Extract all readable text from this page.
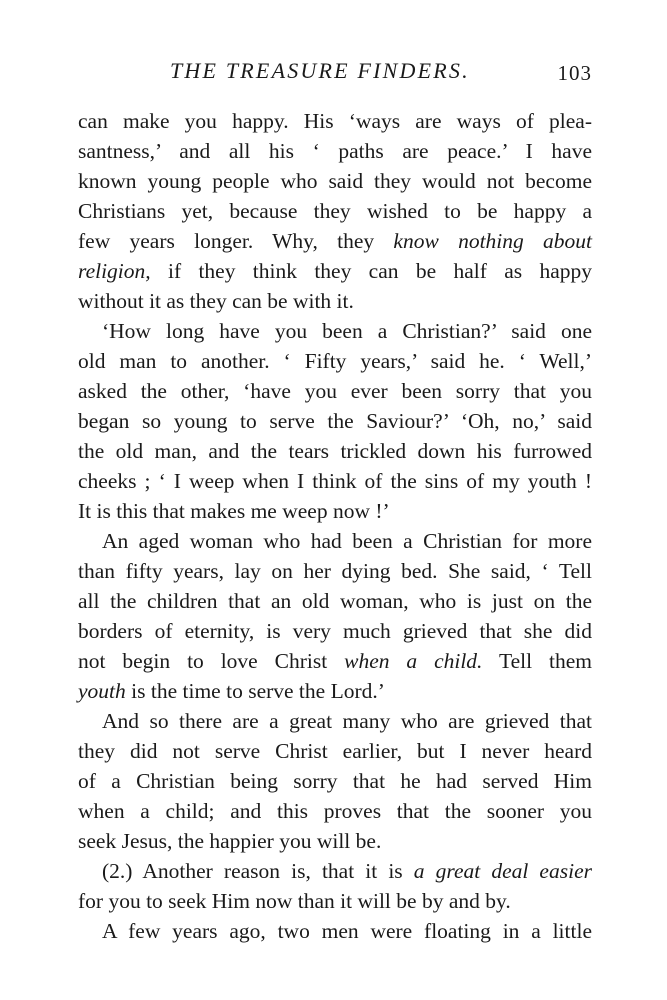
THE TREASURE FINDERS.	103
can make you happy. His ‘ways are ways of plea-
santness,’ and all his ‘ paths are peace.’ I have
known young people who said they would not become
Christians yet, because they wished to be happy a
few years longer. Why, they know nothing about
religion, if they think they can be half as happy
without it as they can be with it.
‘How long have you been a Christian?’ said one
old man to another. ‘ Fifty years,’ said he. ‘ Well,’
asked the other, ‘have you ever been sorry that you
began so young to serve the Saviour?’ ‘Oh, no,’ said
the old man, and the tears trickled down his furrowed
cheeks ; ‘ I weep when I think of the sins of my youth !
It is this that makes me weep now !’
An aged woman who had been a Christian for more
than fifty years, lay on her dying bed. She said, ‘ Tell
all the children that an old woman, who is just on the
borders of eternity, is very much grieved that she did
not begin to love Christ when a child. Tell them
youth is the time to serve the Lord.’
And so there are a great many who are grieved that
they did not serve Christ earlier, but I never heard
of a Christian being sorry that he had served Him
when a child; and this proves that the sooner you
seek Jesus, the happier you will be.
(2.) Another reason is, that it is a great deal easier
for you to seek Him now than it will be by and by.
A few years ago, two men were floating in a little
